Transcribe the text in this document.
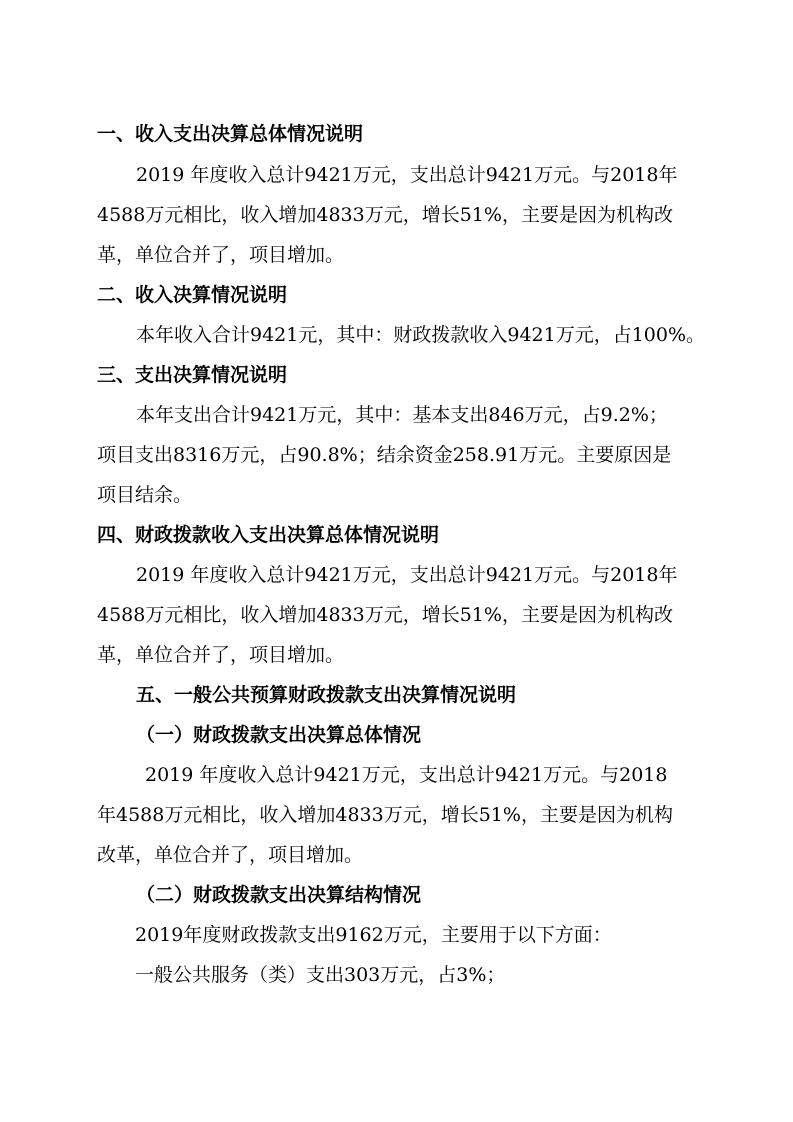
一、收入支出决算总体情况说明
2019 年度收入总计9421万元，支出总计9421万元。与2018年
4588万元相比，收入增加4833万元，增长51%，主要是因为机构改
革，单位合并了，项目增加。
二、收入决算情况说明
本年收入合计9421元，其中：财政拨款收入9421万元，占100%。
三、支出决算情况说明
本年支出合计9421万元，其中：基本支出846万元，占9.2%；
项目支出8316万元，占90.8%；结余资金258.91万元。主要原因是
项目结余。
四、财政拨款收入支出决算总体情况说明
2019 年度收入总计9421万元，支出总计9421万元。与2018年
4588万元相比，收入增加4833万元，增长51%，主要是因为机构改
革，单位合并了，项目增加。
五、一般公共预算财政拨款支出决算情况说明
（一）财政拨款支出决算总体情况
2019 年度收入总计9421万元，支出总计9421万元。与2018
年4588万元相比，收入增加4833万元，增长51%，主要是因为机构
改革，单位合并了，项目增加。
（二）财政拨款支出决算结构情况
2019年度财政拨款支出9162万元，主要用于以下方面：
一般公共服务（类）支出303万元，占3%；
